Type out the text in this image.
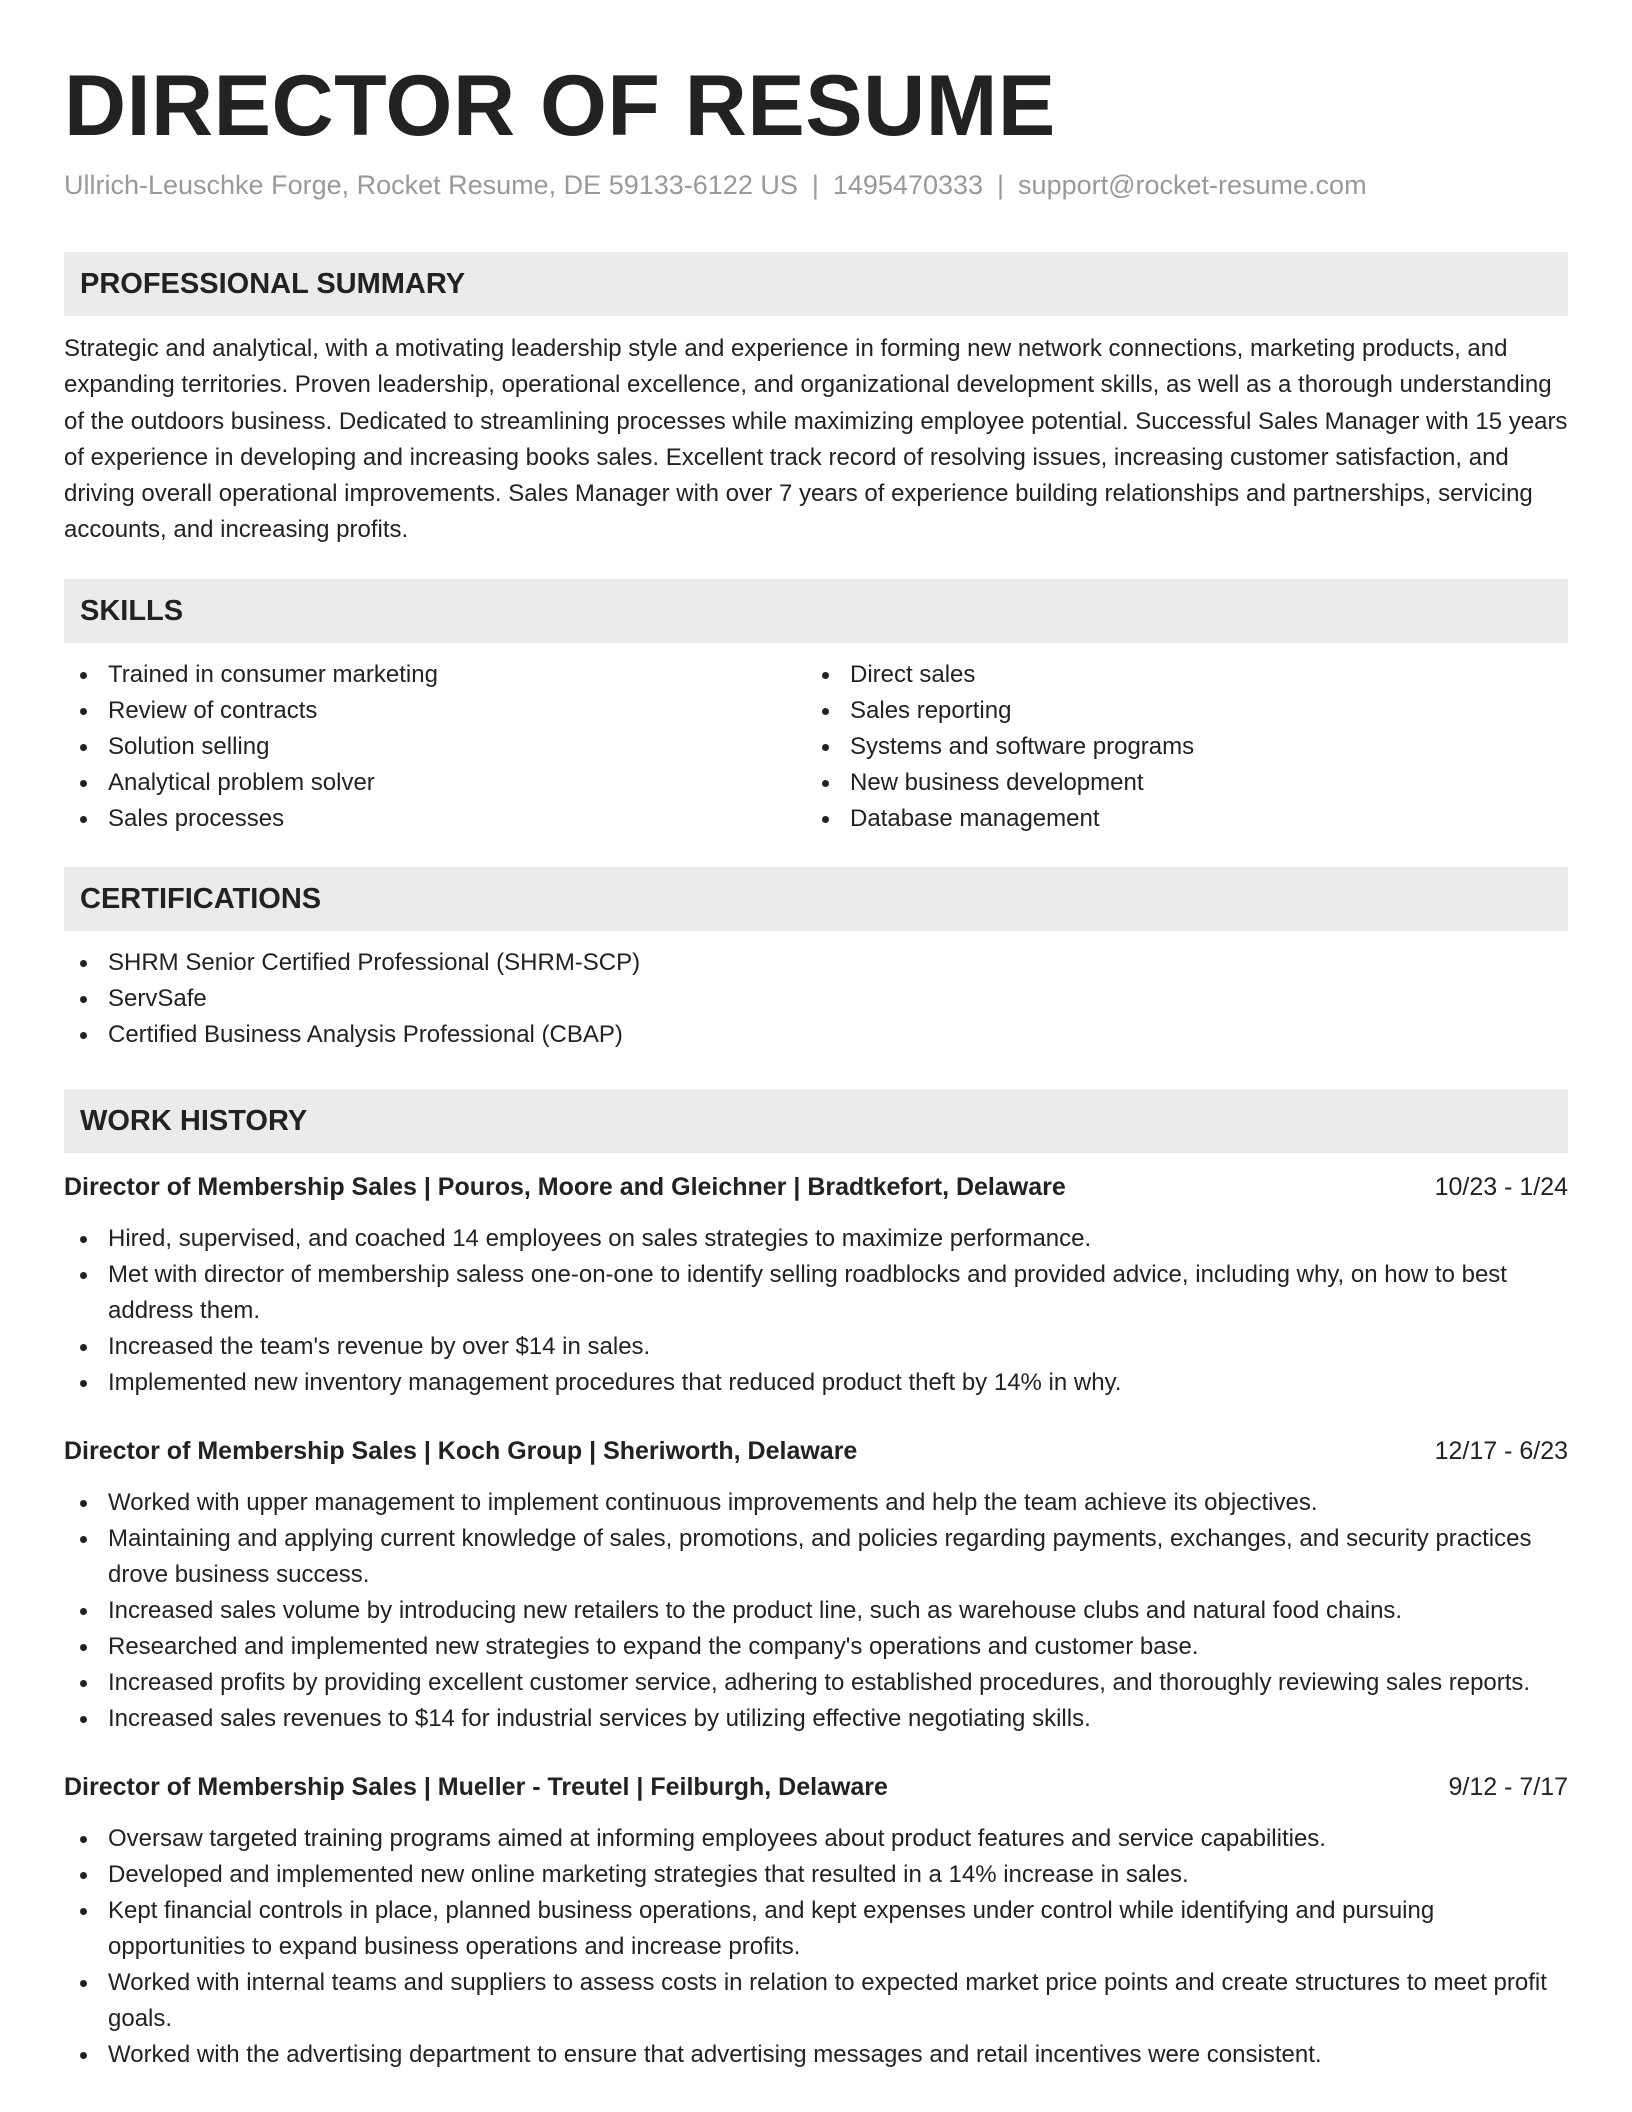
DIRECTOR OF RESUME
Ullrich-Leuschke Forge, Rocket Resume, DE 59133-6122 US | 1495470333 | support@rocket-resume.com
PROFESSIONAL SUMMARY
Strategic and analytical, with a motivating leadership style and experience in forming new network connections, marketing products, and expanding territories. Proven leadership, operational excellence, and organizational development skills, as well as a thorough understanding of the outdoors business. Dedicated to streamlining processes while maximizing employee potential. Successful Sales Manager with 15 years of experience in developing and increasing books sales. Excellent track record of resolving issues, increasing customer satisfaction, and driving overall operational improvements. Sales Manager with over 7 years of experience building relationships and partnerships, servicing accounts, and increasing profits.
SKILLS
Trained in consumer marketing
Review of contracts
Solution selling
Analytical problem solver
Sales processes
Direct sales
Sales reporting
Systems and software programs
New business development
Database management
CERTIFICATIONS
SHRM Senior Certified Professional (SHRM-SCP)
ServSafe
Certified Business Analysis Professional (CBAP)
WORK HISTORY
Director of Membership Sales | Pouros, Moore and Gleichner | Bradtkefort, Delaware	10/23 - 1/24
Hired, supervised, and coached 14 employees on sales strategies to maximize performance.
Met with director of membership saless one-on-one to identify selling roadblocks and provided advice, including why, on how to best address them.
Increased the team's revenue by over $14 in sales.
Implemented new inventory management procedures that reduced product theft by 14% in why.
Director of Membership Sales | Koch Group | Sheriworth, Delaware	12/17 - 6/23
Worked with upper management to implement continuous improvements and help the team achieve its objectives.
Maintaining and applying current knowledge of sales, promotions, and policies regarding payments, exchanges, and security practices drove business success.
Increased sales volume by introducing new retailers to the product line, such as warehouse clubs and natural food chains.
Researched and implemented new strategies to expand the company's operations and customer base.
Increased profits by providing excellent customer service, adhering to established procedures, and thoroughly reviewing sales reports.
Increased sales revenues to $14 for industrial services by utilizing effective negotiating skills.
Director of Membership Sales | Mueller - Treutel | Feilburgh, Delaware	9/12 - 7/17
Oversaw targeted training programs aimed at informing employees about product features and service capabilities.
Developed and implemented new online marketing strategies that resulted in a 14% increase in sales.
Kept financial controls in place, planned business operations, and kept expenses under control while identifying and pursuing opportunities to expand business operations and increase profits.
Worked with internal teams and suppliers to assess costs in relation to expected market price points and create structures to meet profit goals.
Worked with the advertising department to ensure that advertising messages and retail incentives were consistent.
